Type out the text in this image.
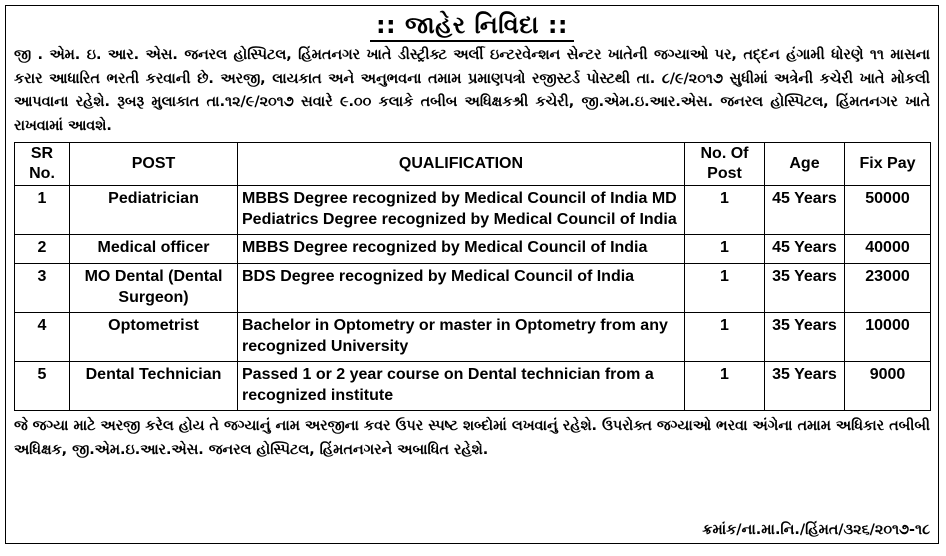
:: જાહેર નિવિદા ::

જી . એમ. ઇ. આર. એસ. જનરલ હોસ્પિટલ, હિંમતનગર ખાતે ડીસ્ટ્રીક્ટ અર્લી ઇન્ટરવેન્શન સેન્ટર ખાતેની જગ્યાઓ પર, તદ્દન હંગામી ધોરણે ૧૧ માસના કરાર આધારિત ભરતી કરવાની છે. અરજી, લાયકાત અને અનુભવના તમામ પ્રમાણપત્રો રજીસ્ટર્ડ પોસ્ટથી તા. ૮/૯/૨૦૧૭ સુધીમાં અત્રેની કચેરી ખાતે મોકલી આપવાના રહેશે. રૂબરૂ મુલાકાત તા.૧૨/૯/૨૦૧૭ સવારે ૯.૦૦ કલાકે તબીબ અધિક્ષકશ્રી કચેરી, જી.એમ.ઇ.આર.એસ. જનરલ હોસ્પિટલ, હિંમતનગર ખાતે રાખવામાં આવશે.

SR No.	POST	QUALIFICATION	No. Of Post	Age	Fix Pay
1	Pediatrician	MBBS Degree recognized by Medical Council of India MD Pediatrics Degree recognized by Medical Council of India	1	45 Years	50000
2	Medical officer	MBBS Degree recognized by Medical Council of India	1	45 Years	40000
3	MO Dental (Dental Surgeon)	BDS Degree recognized by Medical Council of India	1	35 Years	23000
4	Optometrist	Bachelor in Optometry or master in Optometry from any recognized University	1	35 Years	10000
5	Dental Technician	Passed 1 or 2 year course on Dental technician from a recognized institute	1	35 Years	9000

જે જગ્યા માટે અરજી કરેલ હોય તે જગ્યાનું નામ અરજીના કવર ઉપર સ્પષ્ટ શબ્દોમાં લખવાનું રહેશે. ઉપરોક્ત જગ્યાઓ ભરવા અંગેના તમામ અધિકાર તબીબી અધિક્ષક, જી.એમ.ઇ.આર.એસ. જનરલ હોસ્પિટલ, હિંમતનગરને અબાધિત રહેશે.

ક્રમાંક/ના.મા.નિ./હિંમત/૩૨૬/૨૦૧૭-૧૮
